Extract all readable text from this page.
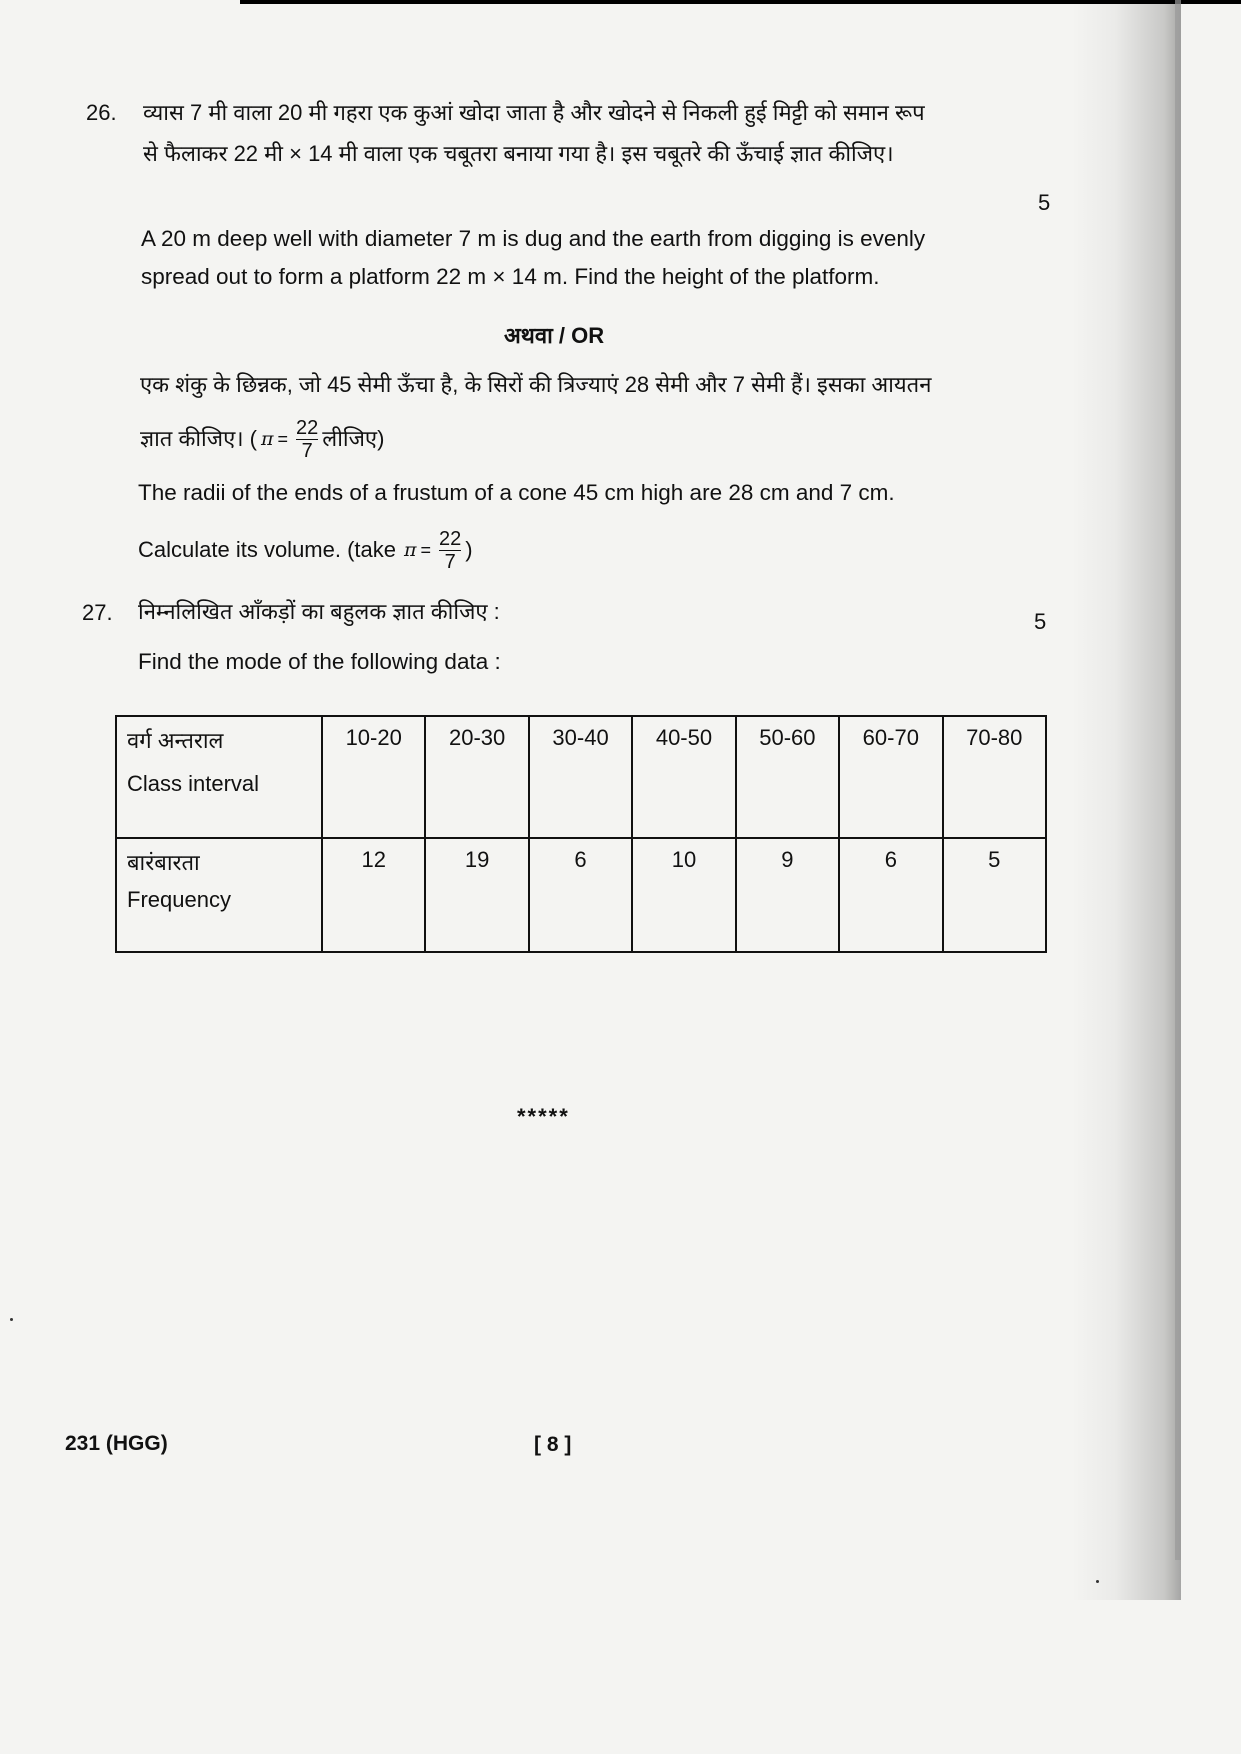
26. व्यास 7 मी वाला 20 मी गहरा एक कुआं खोदा जाता है और खोदने से निकली हुई मिट्टी को समान रूप
से फैलाकर 22 मी × 14 मी वाला एक चबूतरा बनाया गया है। इस चबूतरे की ऊँचाई ज्ञात कीजिए।
5
A 20 m deep well with diameter 7 m is dug and the earth from digging is evenly
spread out to form a platform 22 m × 14 m. Find the height of the platform.
अथवा / OR
एक शंकु के छिन्नक, जो 45 सेमी ऊँचा है, के सिरों की त्रिज्याएं 28 सेमी और 7 सेमी हैं। इसका आयतन
ज्ञात कीजिए। ( $\pi = \frac{22}{7}$ लीजिए)
The radii of the ends of a frustum of a cone 45 cm high are 28 cm and 7 cm.
Calculate its volume. (take $\pi = \frac{22}{7}$ )
27. निम्नलिखित आँकड़ों का बहुलक ज्ञात कीजिए :	5
Find the mode of the following data :
वर्ग अन्तराल
Class interval	10-20	20-30	30-40	40-50	50-60	60-70	70-80
बारंबारता
Frequency	12	19	6	10	9	6	5
*****
231 (HGG)	[ 8 ]
